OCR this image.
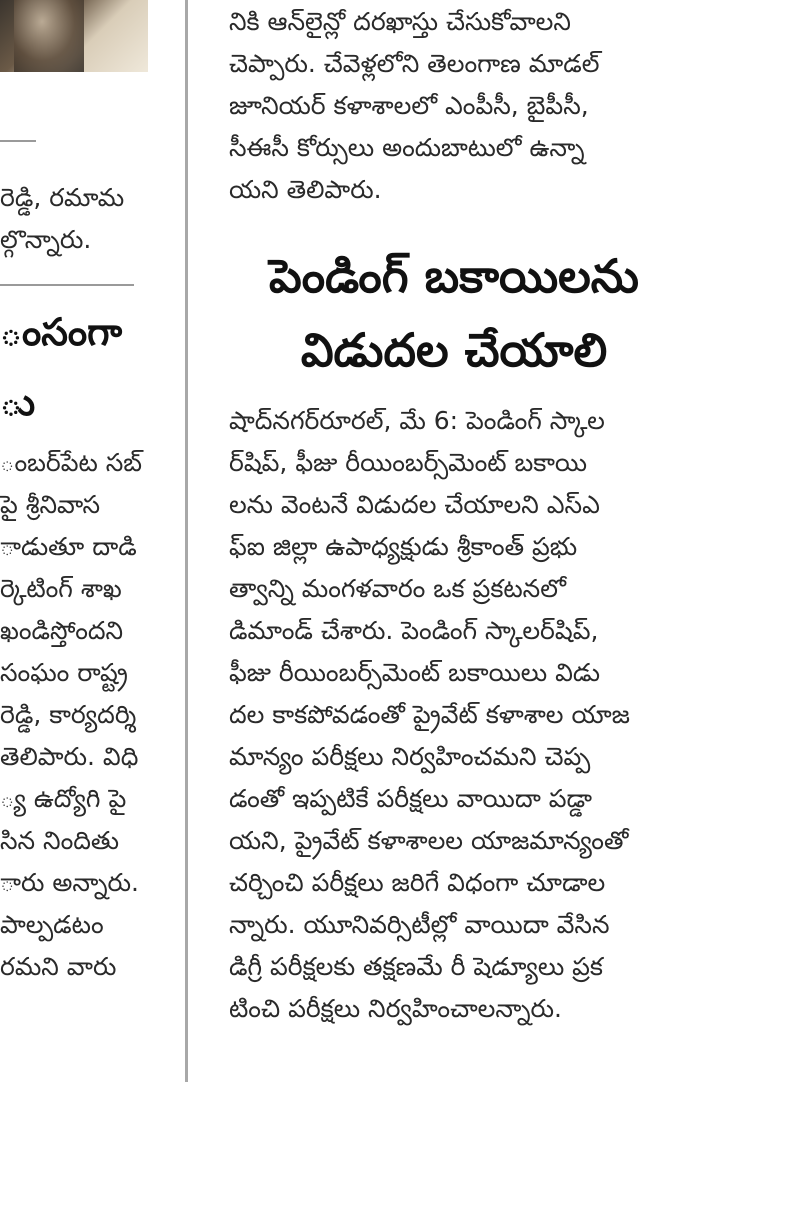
రెడ్డి, రమామ
ల్గొన్నారు.
ంసంగా
ు
ంబర్‌పేట సబ్
పై శ్రీనివాస
ాడుతూ దాడి
ర్కెటింగ్ శాఖ
ఖండిస్తోందని
సంఘం రాష్ట్ర
రెడ్డి, కార్యదర్శి
తెలిపారు. విధి
్య ఉద్యోగి పై
సిన నిందితు
ారు అన్నారు.
పాల్పడటం
రమని వారు
నికి ఆన్‌లైన్లో దరఖాస్తు చేసుకోవాలని
చెప్పారు. చేవెళ్లలోని తెలంగాణ మాడల్
జూనియర్ కళాశాలలో ఎంపీసీ, బైపీసీ,
సీఈసీ కోర్సులు అందుబాటులో ఉన్నా
యని తెలిపారు.
పెండింగ్ బకాయిలను
విడుదల చేయాలి
షాద్‌నగర్‌రూరల్, మే 6: పెండింగ్ స్కాల
ర్‌షిప్, ఫీజు రీయింబర్స్‌మెంట్ బకాయి
లను వెంటనే విడుదల చేయాలని ఎస్ఎ
ఫ్ఐ జిల్లా ఉపాధ్యక్షుడు శ్రీకాంత్ ప్రభు
త్వాన్ని మంగళవారం ఒక ప్రకటనలో
డిమాండ్ చేశారు. పెండింగ్ స్కాలర్‌షిప్,
ఫీజు రీయింబర్స్‌మెంట్ బకాయిలు విడు
దల కాకపోవడంతో ప్రైవేట్ కళాశాల యాజ
మాన్యం పరీక్షలు నిర్వహించమని చెప్ప
డంతో ఇప్పటికే పరీక్షలు వాయిదా పడ్డా
యని, ప్రైవేట్ కళాశాలల యాజమాన్యంతో
చర్చించి పరీక్షలు జరిగే విధంగా చూడాల
న్నారు. యూనివర్సిటీల్లో వాయిదా వేసిన
డిగ్రీ పరీక్షలకు తక్షణమే రీ షెడ్యూలు ప్రక
టించి పరీక్షలు నిర్వహించాలన్నారు.
